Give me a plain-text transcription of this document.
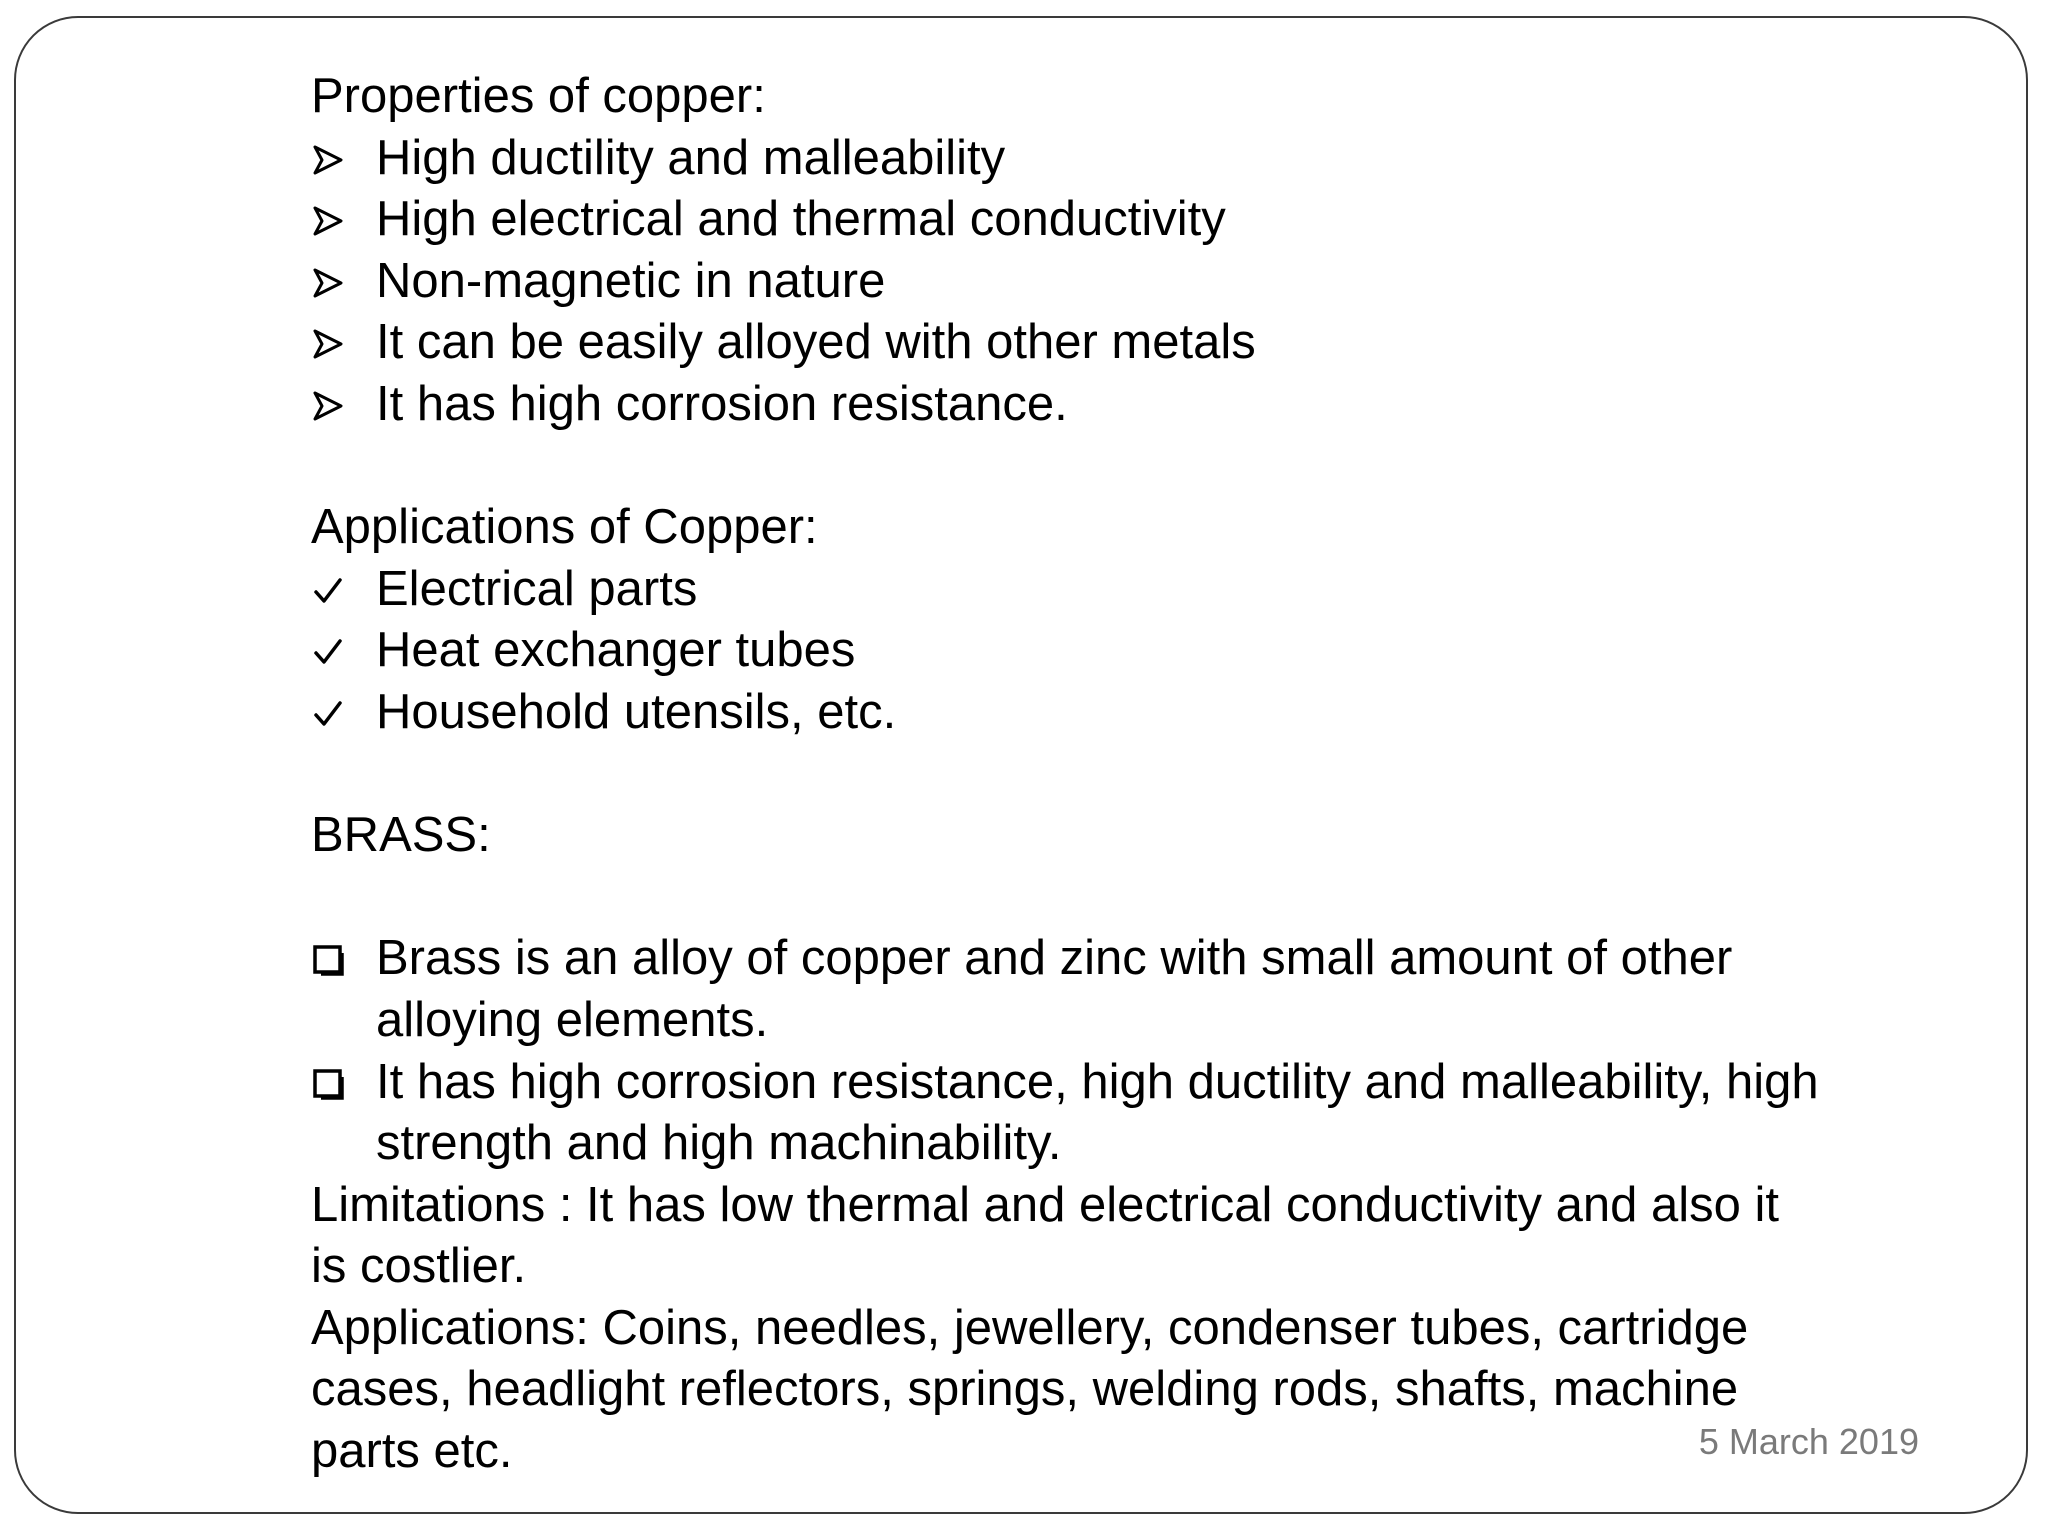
Properties of copper:

High ductility and malleability
High electrical and thermal conductivity
Non-magnetic in nature
It can be easily alloyed with other metals
It has high corrosion resistance.

Applications of Copper:

Electrical parts
Heat exchanger tubes
Household utensils, etc.

BRASS:

Brass is an alloy of copper and zinc with small amount of other
alloying elements.
It has high corrosion resistance, high ductility and malleability, high
strength and high machinability.
Limitations : It has low thermal and electrical conductivity and also it
is costlier.
Applications: Coins, needles, jewellery, condenser tubes, cartridge
cases, headlight reflectors, springs, welding rods, shafts, machine
parts etc.	5 March 2019
